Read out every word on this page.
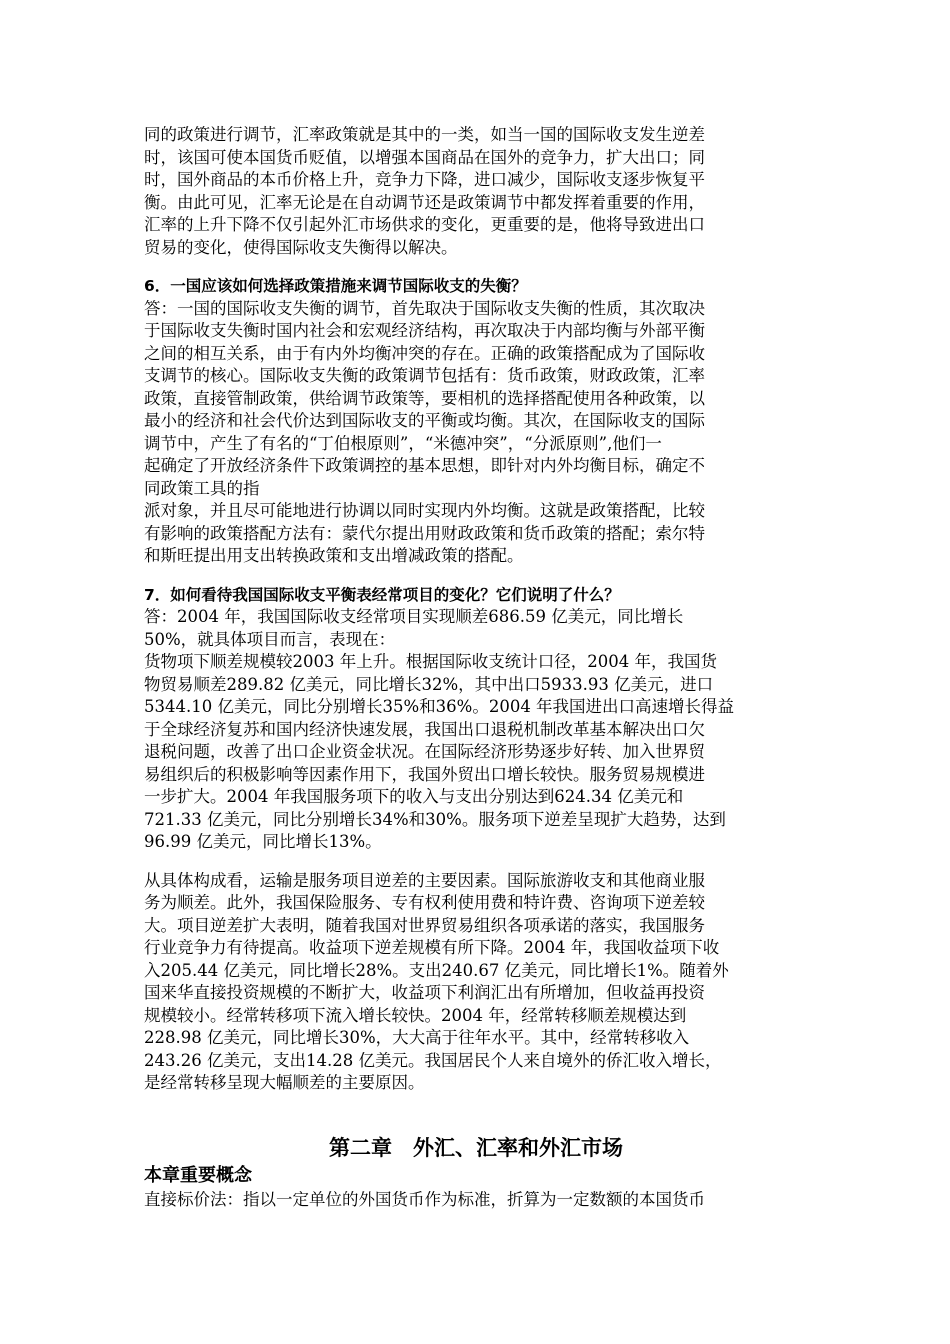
同的政策进行调节，汇率政策就是其中的一类，如当一国的国际收支发生逆差
时，该国可使本国货币贬值，以增强本国商品在国外的竞争力，扩大出口；同
时，国外商品的本币价格上升，竞争力下降，进口减少，国际收支逐步恢复平
衡。由此可见，汇率无论是在自动调节还是政策调节中都发挥着重要的作用，
汇率的上升下降不仅引起外汇市场供求的变化，更重要的是，他将导致进出口
贸易的变化，使得国际收支失衡得以解决。
6．一国应该如何选择政策措施来调节国际收支的失衡？
答：一国的国际收支失衡的调节，首先取决于国际收支失衡的性质，其次取决
于国际收支失衡时国内社会和宏观经济结构，再次取决于内部均衡与外部平衡
之间的相互关系，由于有内外均衡冲突的存在。正确的政策搭配成为了国际收
支调节的核心。国际收支失衡的政策调节包括有：货币政策，财政政策，汇率
政策，直接管制政策，供给调节政策等，要相机的选择搭配使用各种政策，以
最小的经济和社会代价达到国际收支的平衡或均衡。其次，在国际收支的国际
调节中，产生了有名的“丁伯根原则”，“米德冲突”，“分派原则”,他们一
起确定了开放经济条件下政策调控的基本思想，即针对内外均衡目标，确定不
同政策工具的指
派对象，并且尽可能地进行协调以同时实现内外均衡。这就是政策搭配，比较
有影响的政策搭配方法有：蒙代尔提出用财政政策和货币政策的搭配；索尔特
和斯旺提出用支出转换政策和支出增减政策的搭配。
7．如何看待我国国际收支平衡表经常项目的变化？它们说明了什么？
答：2004 年，我国国际收支经常项目实现顺差686.59 亿美元，同比增长
50%，就具体项目而言，表现在：
货物项下顺差规模较2003 年上升。根据国际收支统计口径，2004 年，我国货
物贸易顺差289.82 亿美元，同比增长32%，其中出口5933.93 亿美元，进口
5344.10 亿美元，同比分别增长35%和36%。2004 年我国进出口高速增长得益
于全球经济复苏和国内经济快速发展，我国出口退税机制改革基本解决出口欠
退税问题，改善了出口企业资金状况。在国际经济形势逐步好转、加入世界贸
易组织后的积极影响等因素作用下，我国外贸出口增长较快。服务贸易规模进
一步扩大。2004 年我国服务项下的收入与支出分别达到624.34 亿美元和
721.33 亿美元，同比分别增长34%和30%。服务项下逆差呈现扩大趋势，达到
96.99 亿美元，同比增长13%。
从具体构成看，运输是服务项目逆差的主要因素。国际旅游收支和其他商业服
务为顺差。此外，我国保险服务、专有权利使用费和特许费、咨询项下逆差较
大。项目逆差扩大表明，随着我国对世界贸易组织各项承诺的落实，我国服务
行业竞争力有待提高。收益项下逆差规模有所下降。2004 年，我国收益项下收
入205.44 亿美元，同比增长28%。支出240.67 亿美元，同比增长1%。随着外
国来华直接投资规模的不断扩大，收益项下利润汇出有所增加，但收益再投资
规模较小。经常转移项下流入增长较快。2004 年，经常转移顺差规模达到
228.98 亿美元，同比增长30%，大大高于往年水平。其中，经常转移收入
243.26 亿美元，支出14.28 亿美元。我国居民个人来自境外的侨汇收入增长，
是经常转移呈现大幅顺差的主要原因。
第二章　外汇、汇率和外汇市场
本章重要概念
直接标价法：指以一定单位的外国货币作为标准，折算为一定数额的本国货币
